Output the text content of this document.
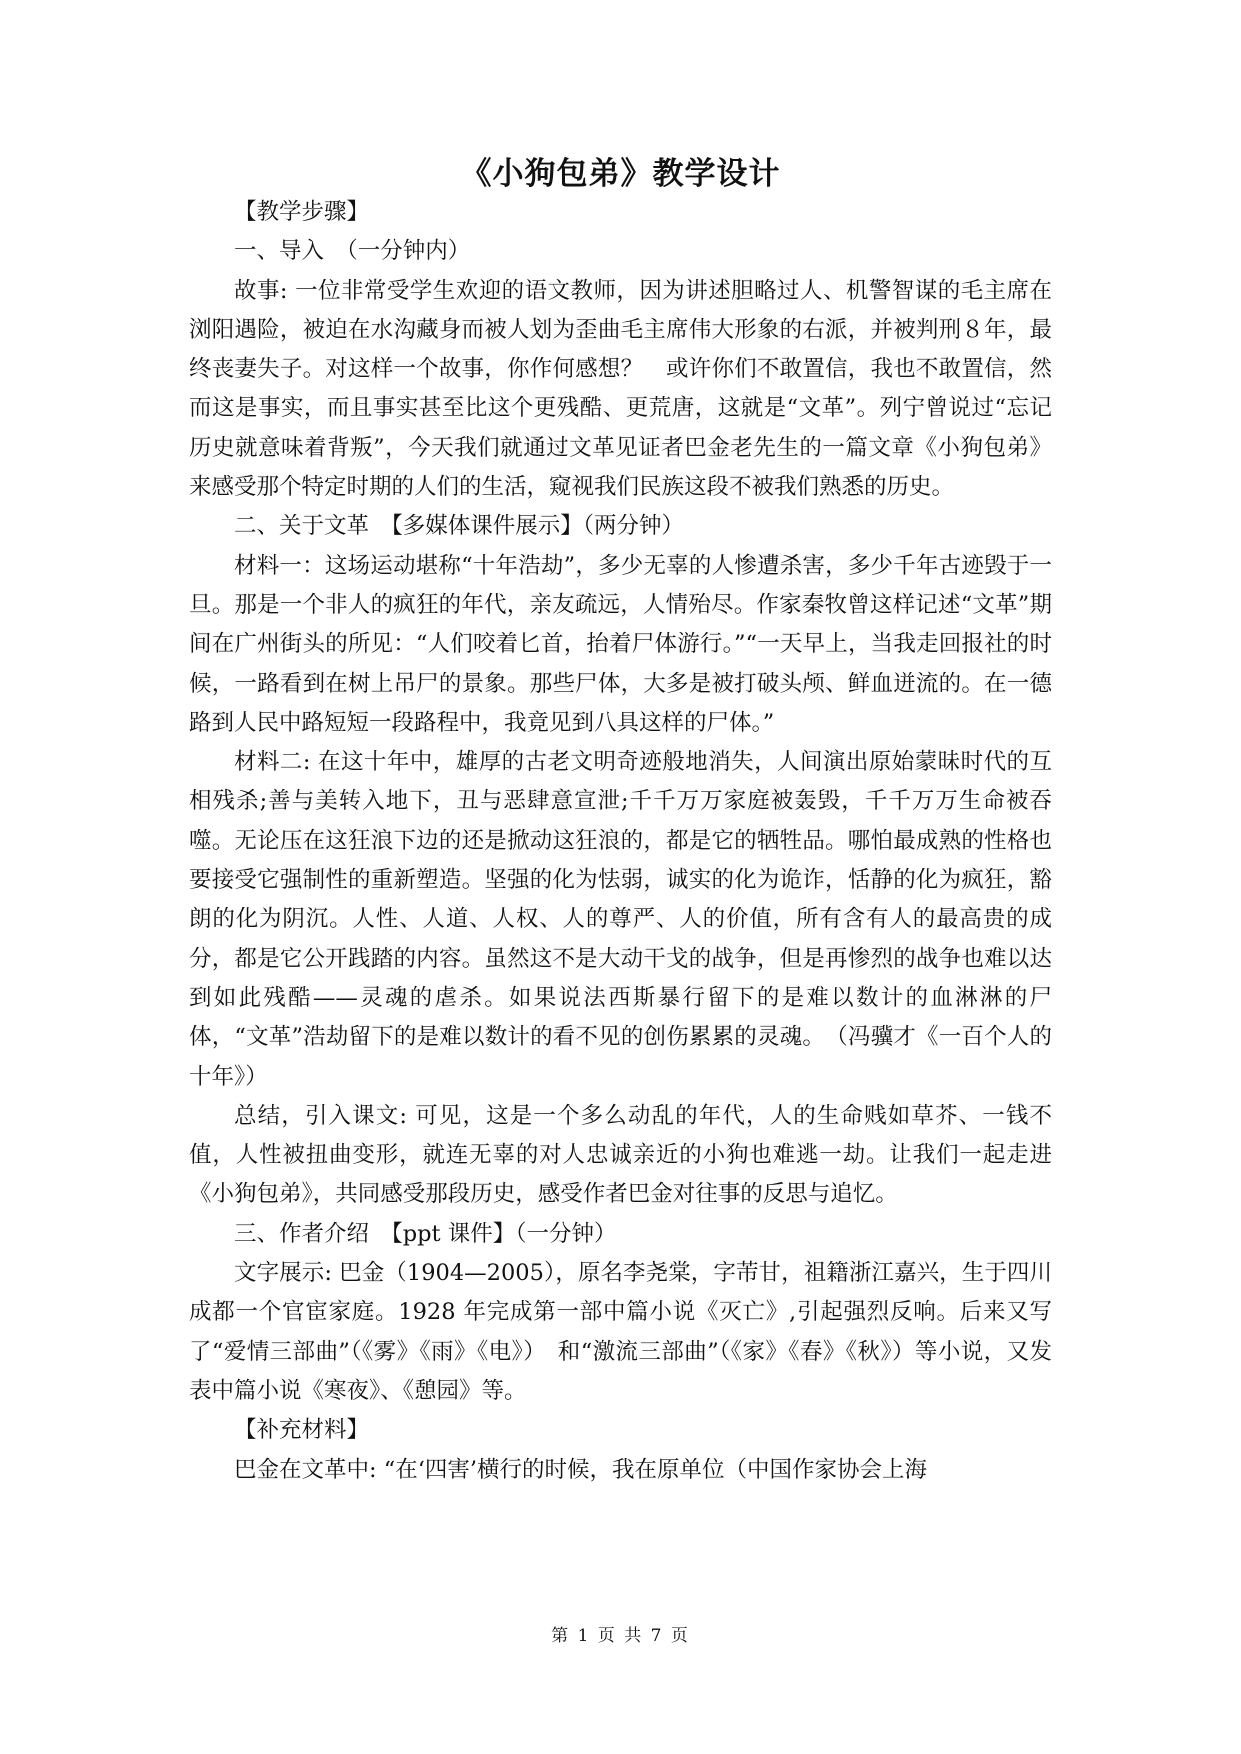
《小狗包弟》教学设计

【教学步骤】

一、导入　（一分钟内）

故事: 一位非常受学生欢迎的语文教师，因为讲述胆略过人、机警智谋的毛主席在浏阳遇险，被迫在水沟藏身而被人划为歪曲毛主席伟大形象的右派，并被判刑８年，最终丧妻失子。对这样一个故事，你作何感想？　或许你们不敢置信，我也不敢置信，然而这是事实，而且事实甚至比这个更残酷、更荒唐，这就是“文革”。列宁曾说过“忘记历史就意味着背叛”，今天我们就通过文革见证者巴金老先生的一篇文章《小狗包弟》来感受那个特定时期的人们的生活，窥视我们民族这段不被我们熟悉的历史。

二、关于文革　【多媒体课件展示】（两分钟）

材料一：这场运动堪称“十年浩劫”，多少无辜的人惨遭杀害，多少千年古迹毁于一旦。那是一个非人的疯狂的年代，亲友疏远，人情殆尽。作家秦牧曾这样记述“文革”期间在广州街头的所见：“人们咬着匕首，抬着尸体游行。”“一天早上，当我走回报社的时候，一路看到在树上吊尸的景象。那些尸体，大多是被打破头颅、鲜血迸流的。在一德路到人民中路短短一段路程中，我竟见到八具这样的尸体。”

材料二: 在这十年中，雄厚的古老文明奇迹般地消失，人间演出原始蒙昧时代的互相残杀;善与美转入地下，丑与恶肆意宣泄;千千万万家庭被轰毁，千千万万生命被吞噬。无论压在这狂浪下边的还是掀动这狂浪的，都是它的牺牲品。哪怕最成熟的性格也要接受它强制性的重新塑造。坚强的化为怯弱，诚实的化为诡诈，恬静的化为疯狂，豁朗的化为阴沉。人性、人道、人权、人的尊严、人的价值，所有含有人的最高贵的成分，都是它公开践踏的内容。虽然这不是大动干戈的战争，但是再惨烈的战争也难以达到如此残酷——灵魂的虐杀。如果说法西斯暴行留下的是难以数计的血淋淋的尸体，“文革”浩劫留下的是难以数计的看不见的创伤累累的灵魂。　（冯骥才《一百个人的十年》）

总结，引入课文: 可见，这是一个多么动乱的年代，人的生命贱如草芥、一钱不值，人性被扭曲变形，就连无辜的对人忠诚亲近的小狗也难逃一劫。让我们一起走进《小狗包弟》，共同感受那段历史，感受作者巴金对往事的反思与追忆。

三、作者介绍　【ppt 课件】（一分钟）

文字展示: 巴金（1904—2005），原名李尧棠，字芾甘，祖籍浙江嘉兴，生于四川成都一个官宦家庭。1928 年完成第一部中篇小说《灭亡》,引起强烈反响。后来又写了“爱情三部曲”（《雾》《雨》《电》）　和“激流三部曲”（《家》《春》《秋》）等小说，又发表中篇小说《寒夜》、《憩园》等。

【补充材料】

巴金在文革中: “在‘四害’横行的时候，我在原单位（中国作家协会上海

第 1 页 共 7 页
